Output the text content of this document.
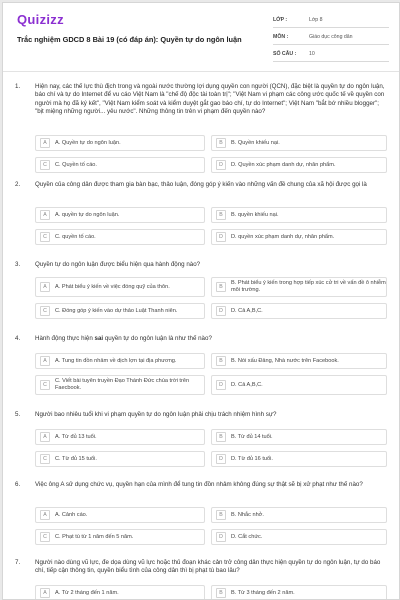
Quizizz
Trắc nghiệm GDCD 8 Bài 19 (có đáp án): Quyền tự do ngôn luận
LỚP :	Lớp 8
MÔN :	Giáo dục công dân
SỐ CÂU :	10
1. Hiện nay, các thế lực thù địch trong và ngoài nước thường lợi dụng quyền con người (QCN), đặc biệt là quyền tự do ngôn luận, báo chí và tự do Internet để vu cáo Việt Nam là "chế độ độc tài toàn trị"; "Việt Nam vi phạm các công ước quốc tế về quyền con người mà họ đã ký kết", "Việt Nam kiểm soát và kiểm duyệt gắt gao báo chí, tự do Internet"; Việt Nam "bắt bớ nhiều blogger"; "bịt miệng những người... yêu nước". Những thông tin trên vi phạm đến quyền nào?
A	A. Quyền tự do ngôn luận.	B	B. Quyền khiếu nại.
C	C. Quyền tố cáo.	D	D. Quyền xúc phạm danh dự, nhân phẩm.
2. Quyền của công dân được tham gia bàn bạc, thảo luận, đóng góp ý kiến vào những vấn đề chung của xã hội được gọi là
A	A. quyền tự do ngôn luận.	B	B. quyền khiếu nại.
C	C. quyền tố cáo.	D	D. quyền xúc phạm danh dự, nhân phẩm.
3. Quyền tự do ngôn luận được biểu hiện qua hành động nào?
A	A. Phát biểu ý kiến về việc đóng quỹ của thôn.	B
B. Phát biểu ý kiến trong hợp tiếp xúc cử tri về vấn đề ô nhiễm môi trường.
C	C. Đóng góp ý kiến vào dự thảo Luật Thanh niên.	D	D. Cả A,B,C.
4. Hành động thực hiện sai quyền tự do ngôn luận là như thế nào?
A	A. Tung tin đồn nhảm về dịch lợn tại địa phương.	B	B. Nói xấu Đảng, Nhà nước trên Facebook.
C
C. Viết bài tuyên truyền Đạo Thánh Đức chúa trời trên Faecbook.	D	D. Cả A,B,C.
5. Người bao nhiêu tuổi khi vi phạm quyền tự do ngôn luận phải chịu trách nhiệm hình sự?
A	A. Từ đủ 13 tuổi.	B	B. Từ đủ 14 tuổi.
C	C. Từ đủ 15 tuổi.	D	D. Từ đủ 16 tuổi.
6. Việc ông A sử dụng chức vụ, quyền hạn của mình để tung tin đồn nhảm không đúng sự thật sẽ bị xử phạt như thế nào?
A	A. Cảnh cáo.	B	B. Nhắc nhở.
C	C. Phạt tù từ 1 năm đến 5 năm.	D	D. Cắt chức.
7. Người nào dùng vũ lực, đe dọa dùng vũ lực hoặc thủ đoạn khác cản trở công dân thực hiện quyền tự do ngôn luận, tự do báo chí, tiếp cận thông tin, quyền biểu tình của công dân thì bị phạt tù bao lâu?
A	A. Từ 2 tháng đến 1 năm.	B	B. Từ 3 tháng đến 2 năm.
